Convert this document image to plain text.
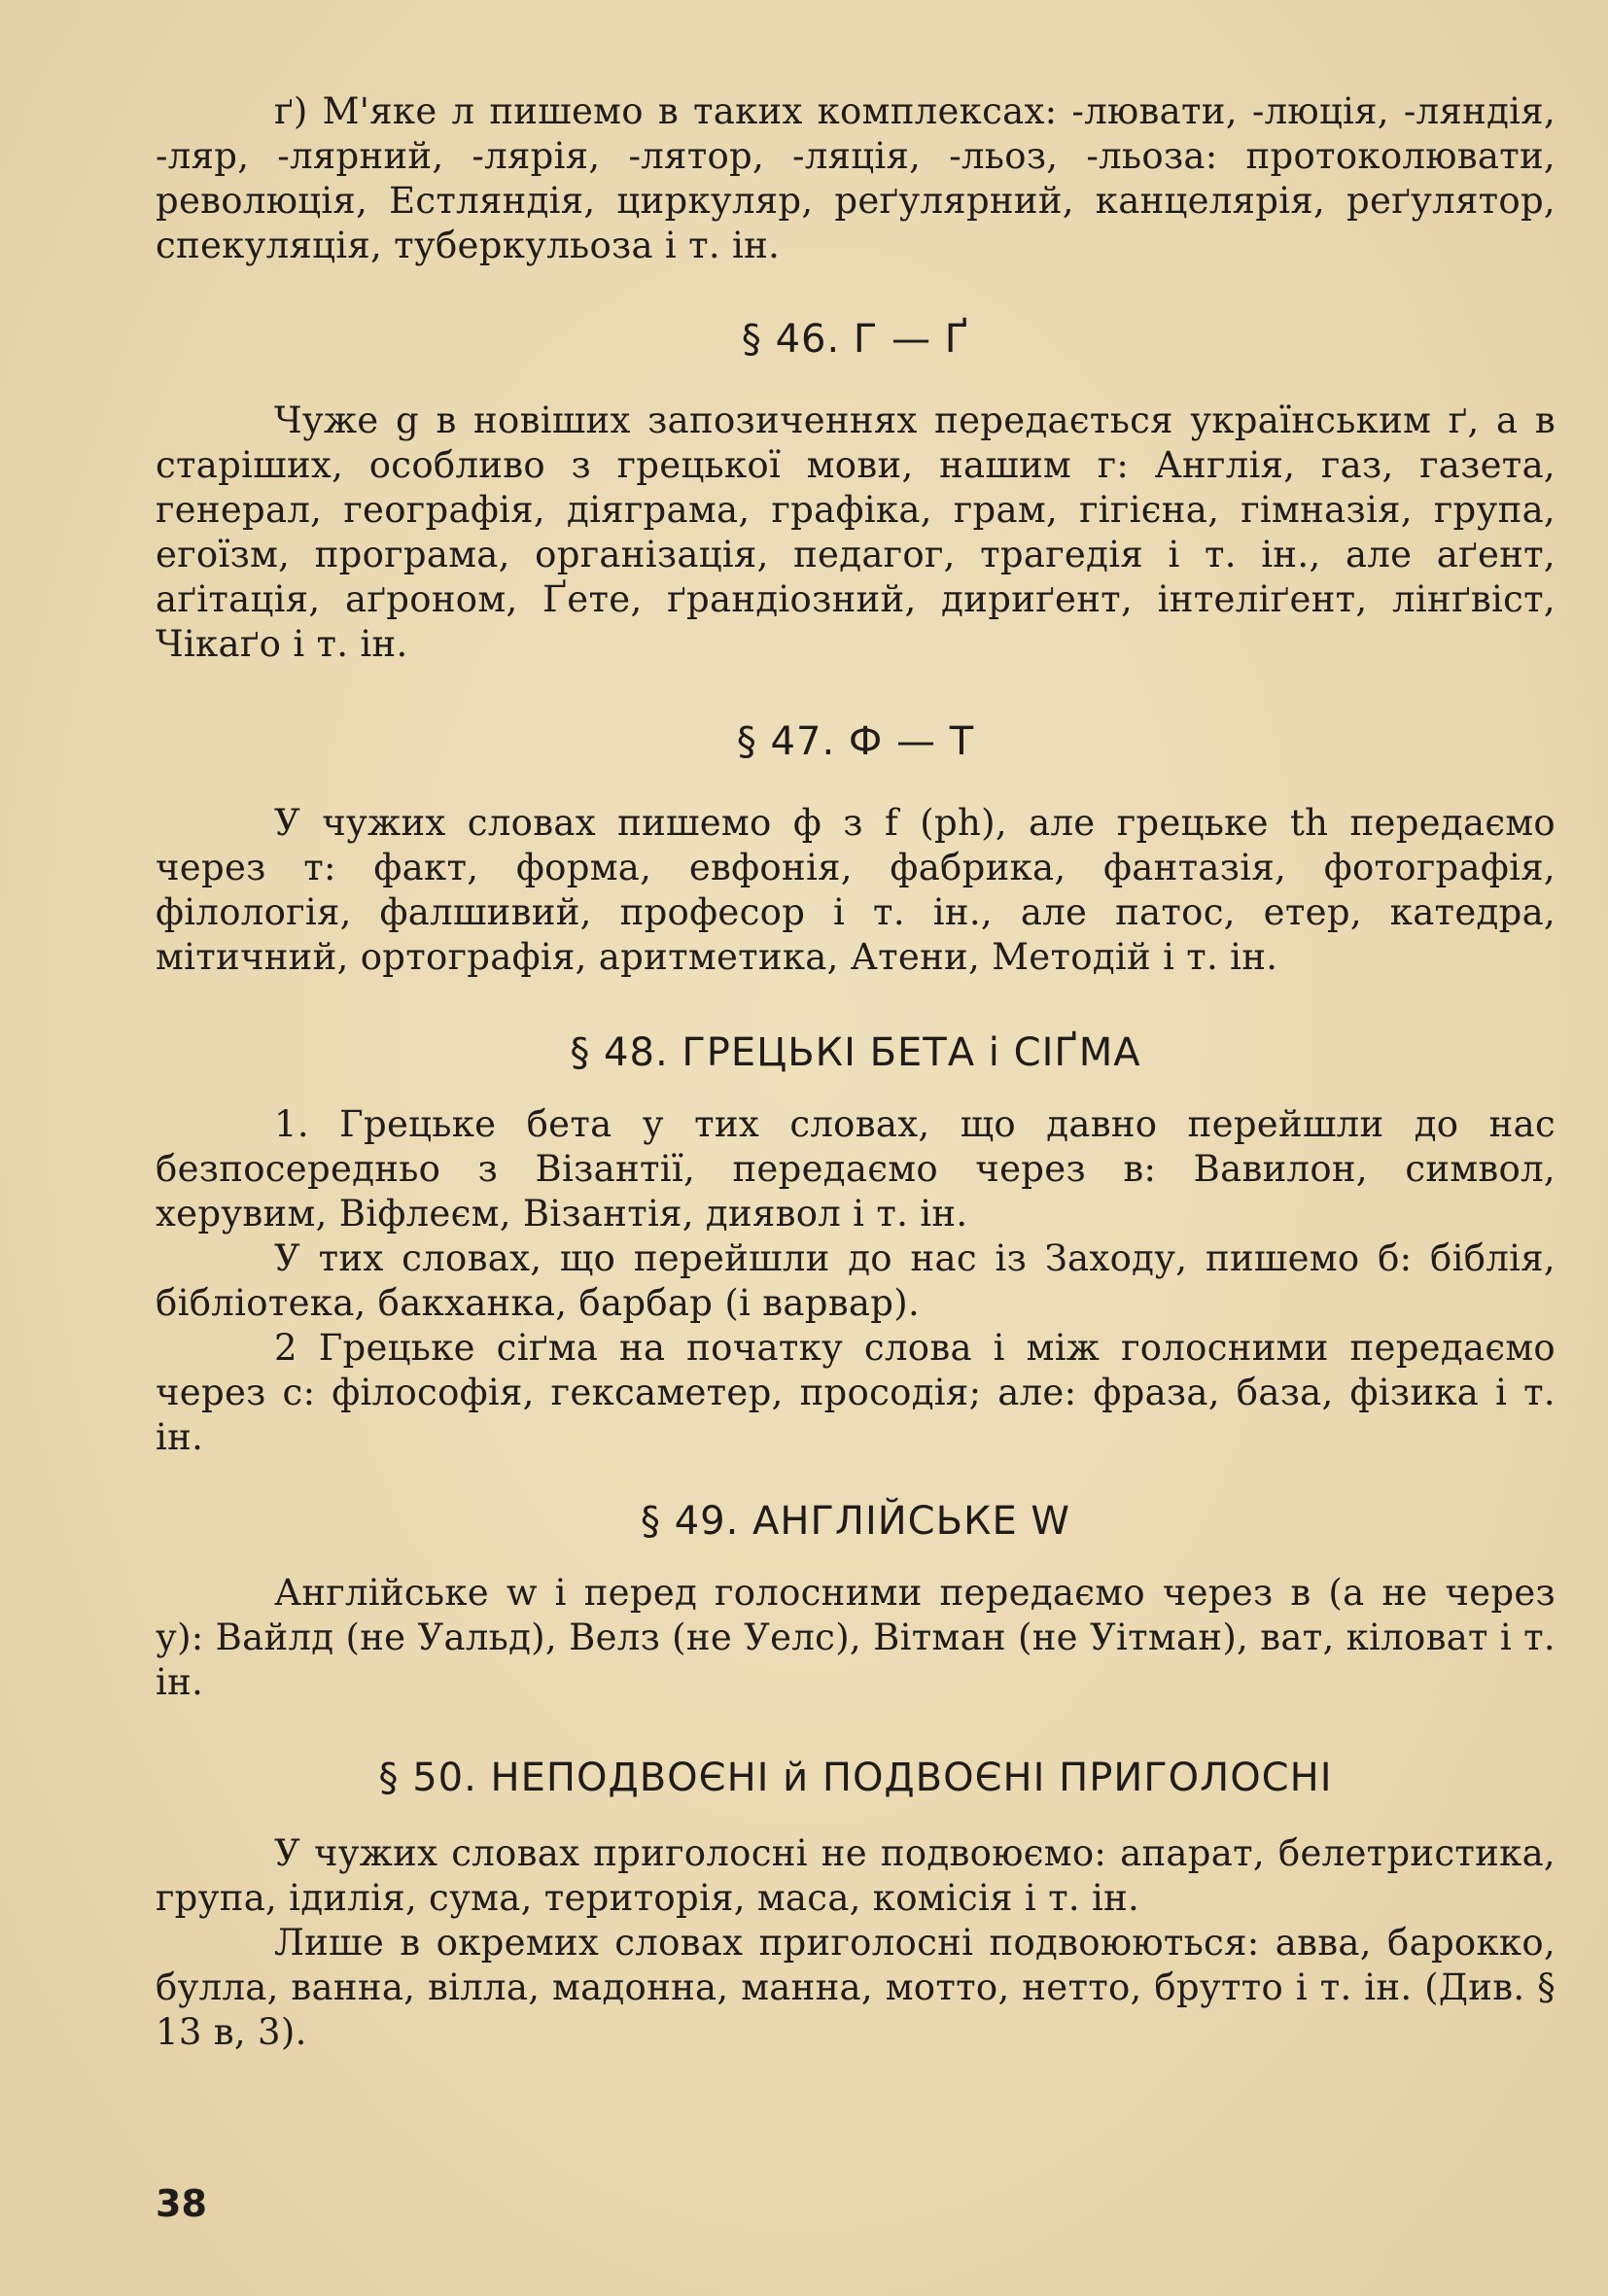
ґ) М'яке л пишемо в таких комплексах: -лювати, -люція, -ляндія, -ляр, -лярний, -лярія, -лятор, -ляція, -льоз, -льоза: протоколювати, революція, Естляндія, циркуляр, реґулярний, канцелярія, реґулятор, спекуляція, туберкульоза і т. ін.

§ 46. Г — Ґ

Чуже g в новіших запозиченнях передається українським ґ, а в старіших, особливо з грецької мови, нашим г: Англія, газ, газета, генерал, географія, діяграма, графіка, грам, гігієна, гімназія, група, егоїзм, програма, організація, педагог, трагедія і т. ін., але аґент, аґітація, аґроном, Ґете, ґрандіозний, дириґент, інтеліґент, лінґвіст, Чікаґо і т. ін.

§ 47. Ф — Т

У чужих словах пишемо ф з f (ph), але грецьке th передаємо через т: факт, форма, евфонія, фабрика, фантазія, фотографія, філологія, фалшивий, професор і т. ін., але патос, етер, катедра, мітичний, ортографія, аритметика, Атени, Методій і т. ін.

§ 48. ГРЕЦЬКІ БЕТА і СІҐМА

1. Грецьке бета у тих словах, що давно перейшли до нас безпосередньо з Візантії, передаємо через в: Вавилон, символ, херувим, Віфлеєм, Візантія, диявол і т. ін.

У тих словах, що перейшли до нас із Заходу, пишемо б: біблія, бібліотека, бакханка, барбар (і варвар).

2 Грецьке сіґма на початку слова і між голосними передаємо через с: філософія, гексаметер, просодія; але: фраза, база, фізика і т. ін.

§ 49. АНГЛІЙСЬКЕ W

Англійське w і перед голосними передаємо через в (а не через у): Вайлд (не Уальд), Велз (не Уелс), Вітман (не Уітман), ват, кіловат і т. ін.

§ 50. НЕПОДВОЄНІ й ПОДВОЄНІ ПРИГОЛОСНІ

У чужих словах приголосні не подвоюємо: апарат, белетристика, група, ідилія, сума, територія, маса, комісія і т. ін.

Лише в окремих словах приголосні подвоюються: авва, барокко, булла, ванна, вілла, мадонна, манна, мотто, нетто, брутто і т. ін. (Див. § 13 в, 3).

38
